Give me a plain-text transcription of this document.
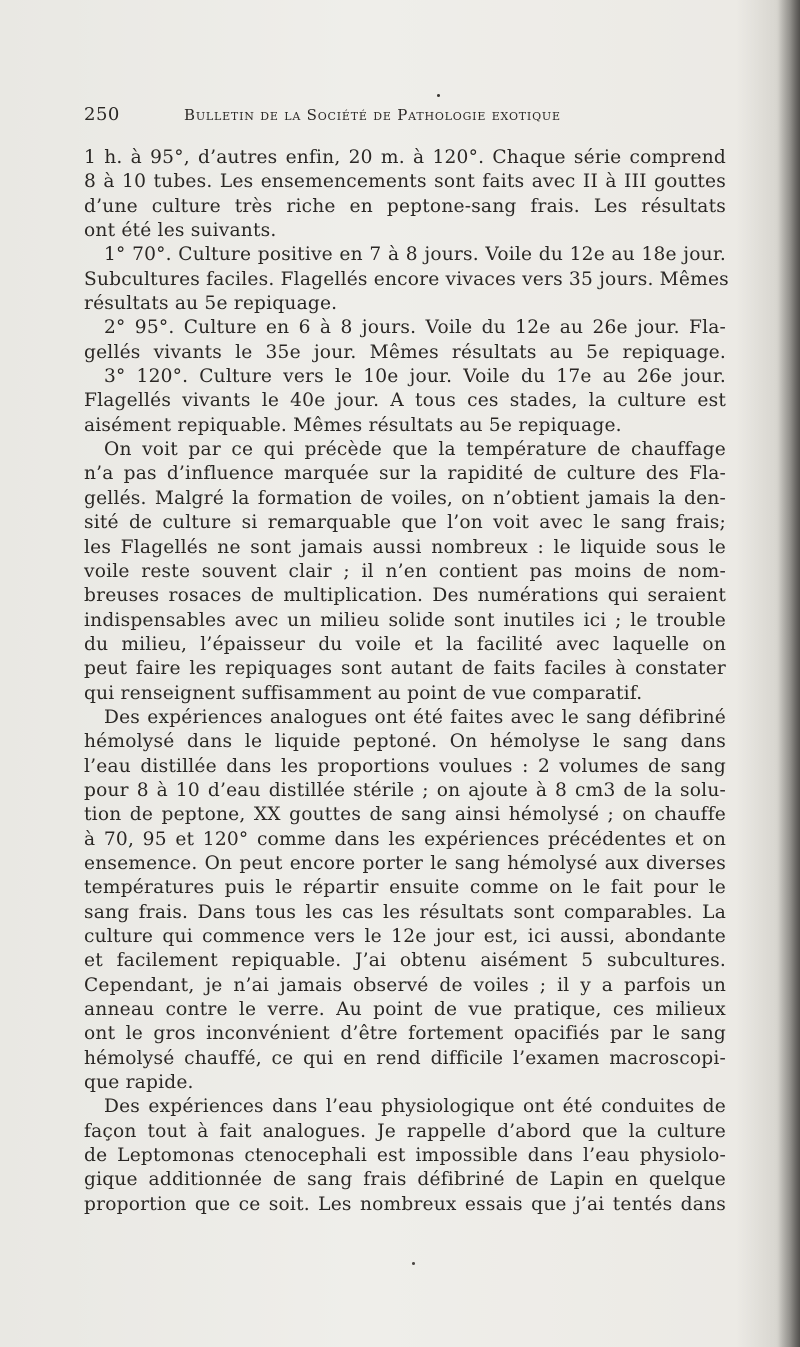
250	Bulletin de la Société de Pathologie exotique
1 h. à 95°, d’autres enfin, 20 m. à 120°. Chaque série comprend
8 à 10 tubes. Les ensemencements sont faits avec II à III gouttes
d’une culture très riche en peptone-sang frais. Les résultats
ont été les suivants.
1° 70°. Culture positive en 7 à 8 jours. Voile du 12e au 18e jour.
Subcultures faciles. Flagellés encore vivaces vers 35 jours. Mêmes
résultats au 5e repiquage.
2° 95°. Culture en 6 à 8 jours. Voile du 12e au 26e jour. Fla-
gellés vivants le 35e jour. Mêmes résultats au 5e repiquage.
3° 120°. Culture vers le 10e jour. Voile du 17e au 26e jour.
Flagellés vivants le 40e jour. A tous ces stades, la culture est
aisément repiquable. Mêmes résultats au 5e repiquage.
On voit par ce qui précède que la température de chauffage
n’a pas d’influence marquée sur la rapidité de culture des Fla-
gellés. Malgré la formation de voiles, on n’obtient jamais la den-
sité de culture si remarquable que l’on voit avec le sang frais;
les Flagellés ne sont jamais aussi nombreux : le liquide sous le
voile reste souvent clair ; il n’en contient pas moins de nom-
breuses rosaces de multiplication. Des numérations qui seraient
indispensables avec un milieu solide sont inutiles ici ; le trouble
du milieu, l’épaisseur du voile et la facilité avec laquelle on
peut faire les repiquages sont autant de faits faciles à constater
qui renseignent suffisamment au point de vue comparatif.
Des expériences analogues ont été faites avec le sang défibriné
hémolysé dans le liquide peptoné. On hémolyse le sang dans
l’eau distillée dans les proportions voulues : 2 volumes de sang
pour 8 à 10 d’eau distillée stérile ; on ajoute à 8 cm3 de la solu-
tion de peptone, XX gouttes de sang ainsi hémolysé ; on chauffe
à 70, 95 et 120° comme dans les expériences précédentes et on
ensemence. On peut encore porter le sang hémolysé aux diverses
températures puis le répartir ensuite comme on le fait pour le
sang frais. Dans tous les cas les résultats sont comparables. La
culture qui commence vers le 12e jour est, ici aussi, abondante
et facilement repiquable. J’ai obtenu aisément 5 subcultures.
Cependant, je n’ai jamais observé de voiles ; il y a parfois un
anneau contre le verre. Au point de vue pratique, ces milieux
ont le gros inconvénient d’être fortement opacifiés par le sang
hémolysé chauffé, ce qui en rend difficile l’examen macroscopi-
que rapide.
Des expériences dans l’eau physiologique ont été conduites de
façon tout à fait analogues. Je rappelle d’abord que la culture
de Leptomonas ctenocephali est impossible dans l’eau physiolo-
gique additionnée de sang frais défibriné de Lapin en quelque
proportion que ce soit. Les nombreux essais que j’ai tentés dans
